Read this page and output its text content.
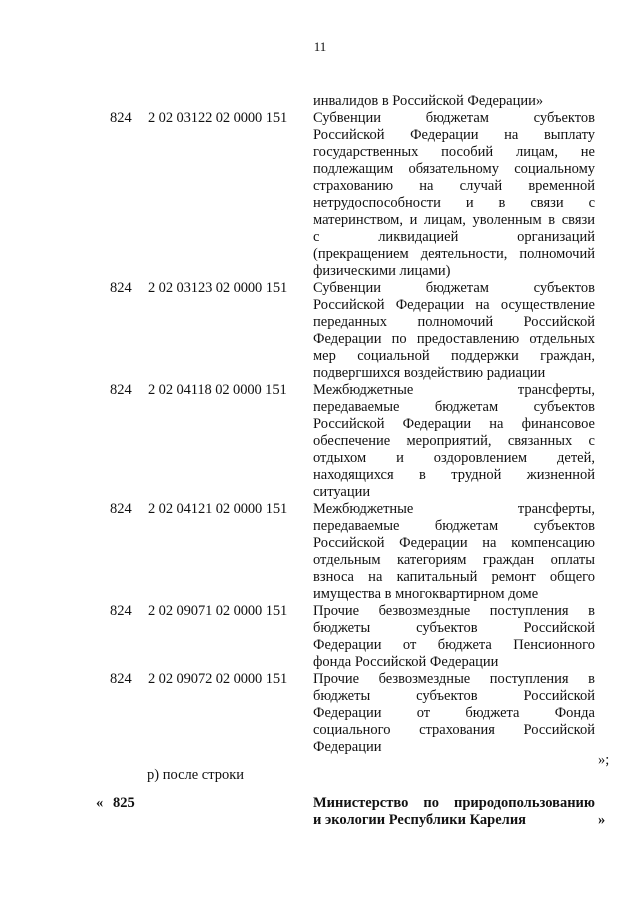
11
инвалидов в Российской Федерации»
824 2 02 03122 02 0000 151 Субвенции бюджетам субъектов
Российской Федерации на выплату
государственных пособий лицам, не
подлежащим обязательному социальному
страхованию на случай временной
нетрудоспособности и в связи с
материнством, и лицам, уволенным в связи
с ликвидацией организаций
(прекращением деятельности, полномочий
физическими лицами)
824 2 02 03123 02 0000 151 Субвенции бюджетам субъектов
Российской Федерации на осуществление
переданных полномочий Российской
Федерации по предоставлению отдельных
мер социальной поддержки граждан,
подвергшихся воздействию радиации
824 2 02 04118 02 0000 151 Межбюджетные трансферты,
передаваемые бюджетам субъектов
Российской Федерации на финансовое
обеспечение мероприятий, связанных с
отдыхом и оздоровлением детей,
находящихся в трудной жизненной
ситуации
824 2 02 04121 02 0000 151 Межбюджетные трансферты,
передаваемые бюджетам субъектов
Российской Федерации на компенсацию
отдельным категориям граждан оплаты
взноса на капитальный ремонт общего
имущества в многоквартирном доме
824 2 02 09071 02 0000 151 Прочие безвозмездные поступления в
бюджеты субъектов Российской
Федерации от бюджета Пенсионного
фонда Российской Федерации
824 2 02 09072 02 0000 151 Прочие безвозмездные поступления в
бюджеты субъектов Российской
Федерации от бюджета Фонда
социального страхования Российской
Федерации
»;
р) после строки
« 825	Министерство по природопользованию
и экологии Республики Карелия	»
